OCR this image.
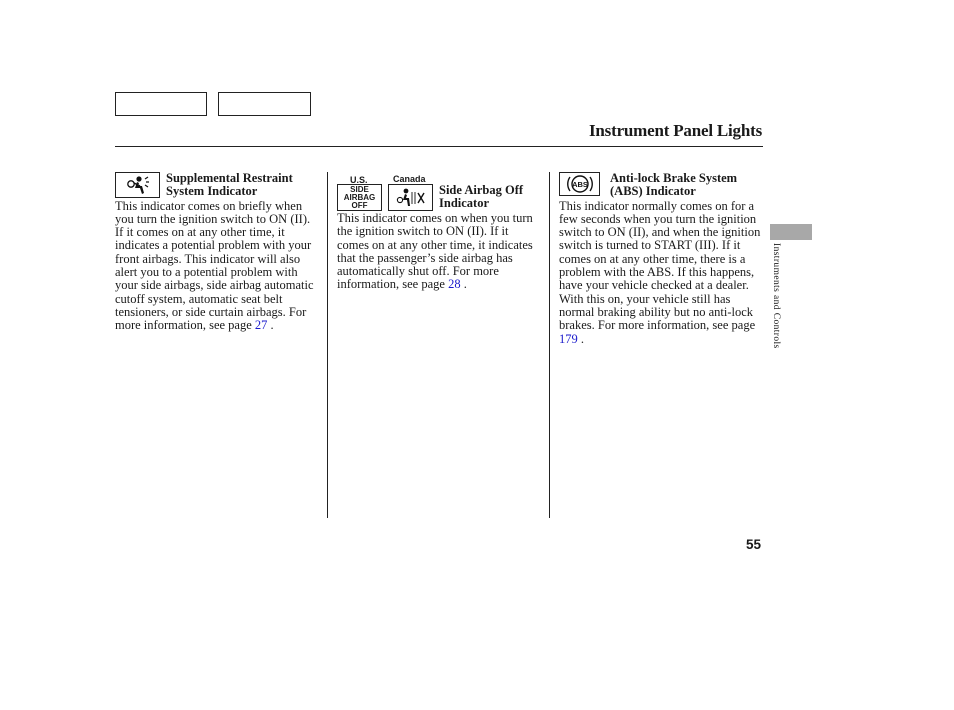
Instrument Panel Lights
Supplemental Restraint
System Indicator

This indicator comes on briefly when you turn the ignition switch to ON (II). If it comes on at any other time, it indicates a potential problem with your front airbags. This indicator will also alert you to a potential problem with your side airbags, side airbag automatic cutoff system, automatic seat belt tensioners, or side curtain airbags. For more information, see page 27 .

U.S.	Canada
SIDE
AIRBAG
OFF
Side Airbag Off
Indicator

This indicator comes on when you turn the ignition switch to ON (II). If it comes on at any other time, it indicates that the passenger’s side airbag has automatically shut off. For more information, see page 28 .

ABS Anti-lock Brake System
(ABS) Indicator

This indicator normally comes on for a few seconds when you turn the ignition switch to ON (II), and when the ignition switch is turned to START (III). If it comes on at any other time, there is a problem with the ABS. If this happens, have your vehicle checked at a dealer. With this on, your vehicle still has normal braking ability but no anti-lock brakes. For more information, see page 179 .	Instruments and Controls
55
